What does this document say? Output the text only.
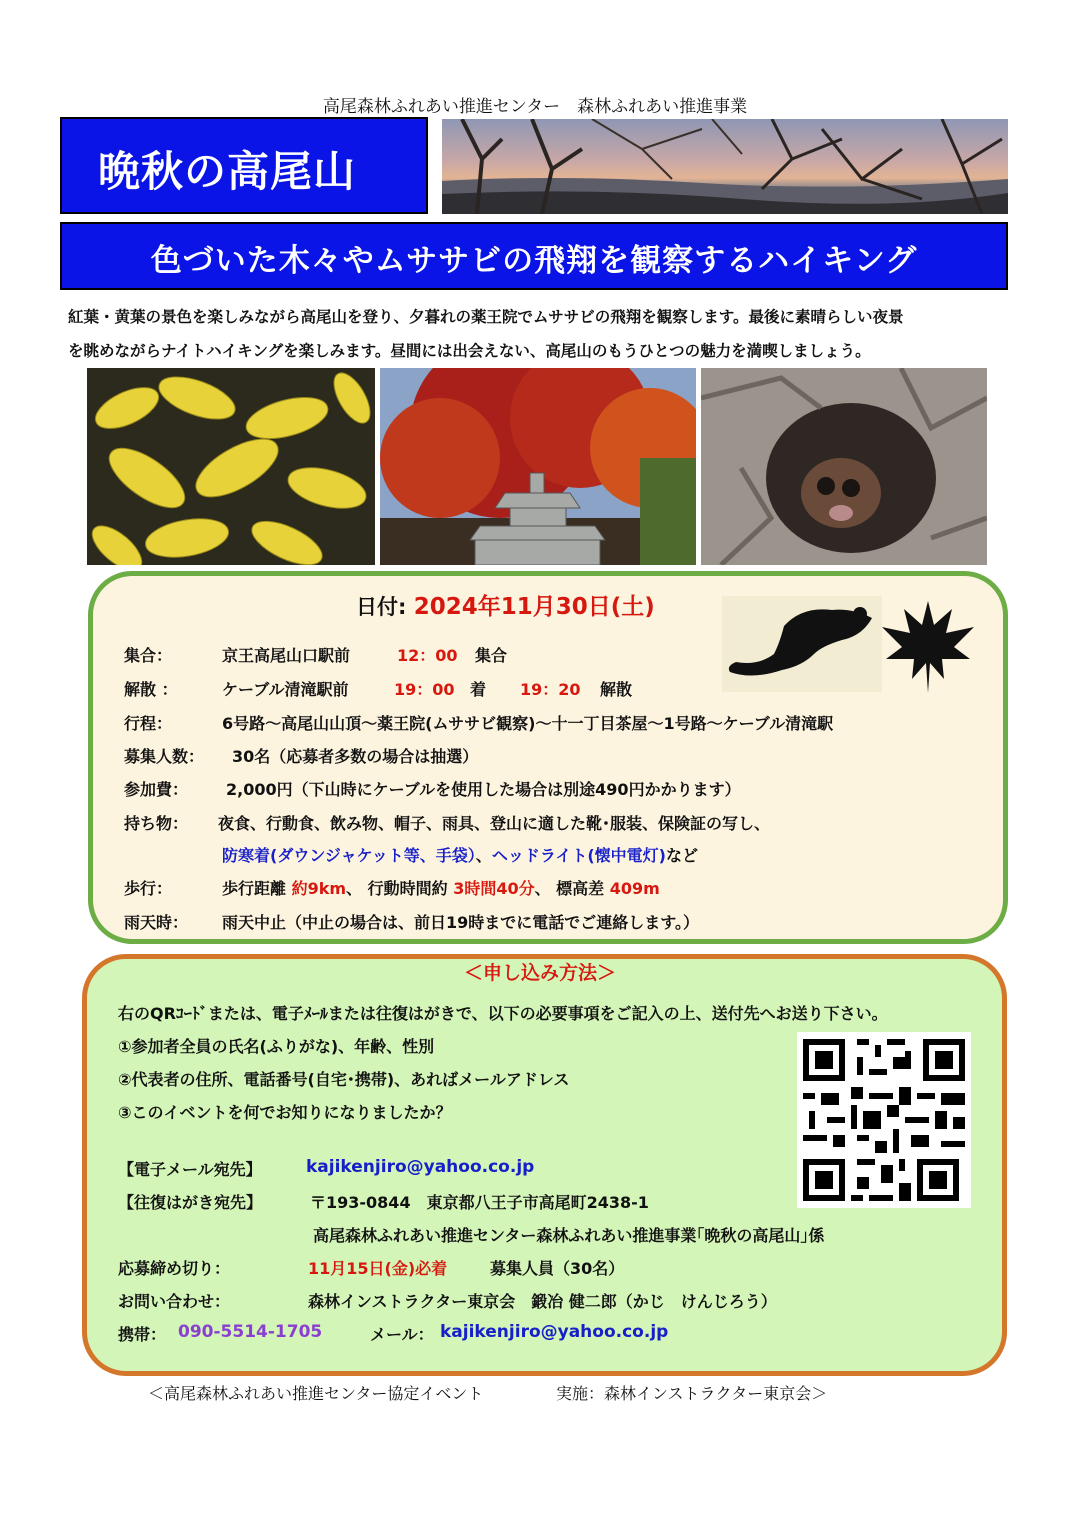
高尾森林ふれあい推進センター　森林ふれあい推進事業
晩秋の高尾山
色づいた木々やムササビの飛翔を観察するハイキング
紅葉・黄葉の景色を楽しみながら高尾山を登り、夕暮れの薬王院でムササビの飛翔を観察します。最後に素晴らしい夜景
を眺めながらナイトハイキングを楽しみます。昼間には出会えない、高尾山のもうひとつの魅力を満喫しましょう。
日付: 2024年11月30日(土)
集合：	京王高尾山口駅前	12：00 集合
解散 ：	ケーブル清滝駅前	19：00 着 19：20 解散
行程：	6号路～高尾山山頂～薬王院(ムササビ観察)～十一丁目茶屋～1号路～ケーブル清滝駅
募集人数： 30名（応募者多数の場合は抽選）
参加費： 2,000円（下山時にケーブルを使用した場合は別途490円かかります）
持ち物： 夜食、行動食、飲み物、帽子、雨具、登山に適した靴･服装、保険証の写し、
防寒着(ダウンジャケット等、手袋）、ヘッドライト(懐中電灯)など
歩行：	歩行距離 約9km、 行動時間約 3時間40分、 標高差 409m
雨天時： 雨天中止（中止の場合は、前日19時までに電話でご連絡します。）
＜申し込み方法＞
右のQRｺｰﾄﾞまたは、電子ﾒｰﾙまたは往復はがきで、以下の必要事項をご記入の上、送付先へお送り下さい。
①参加者全員の氏名(ふりがな)、年齢、性別
②代表者の住所、電話番号(自宅･携帯)、あればメールアドレス
③このイベントを何でお知りになりましたか？
【電子メール宛先】	kajikenjiro@yahoo.co.jp
【往復はがき宛先】	〒193-0844　東京都八王子市高尾町2438-1
高尾森林ふれあい推進センター森林ふれあい推進事業｢晩秋の高尾山｣係
応募締め切り：	11月15日(金)必着	募集人員（30名）
お問い合わせ：	森林インストラクター東京会　鍛冶 健二郎（かじ　けんじろう）
携帯： 090-5514-1705	メール： kajikenjiro@yahoo.co.jp
＜高尾森林ふれあい推進センター協定イベント	実施：森林インストラクター東京会＞
